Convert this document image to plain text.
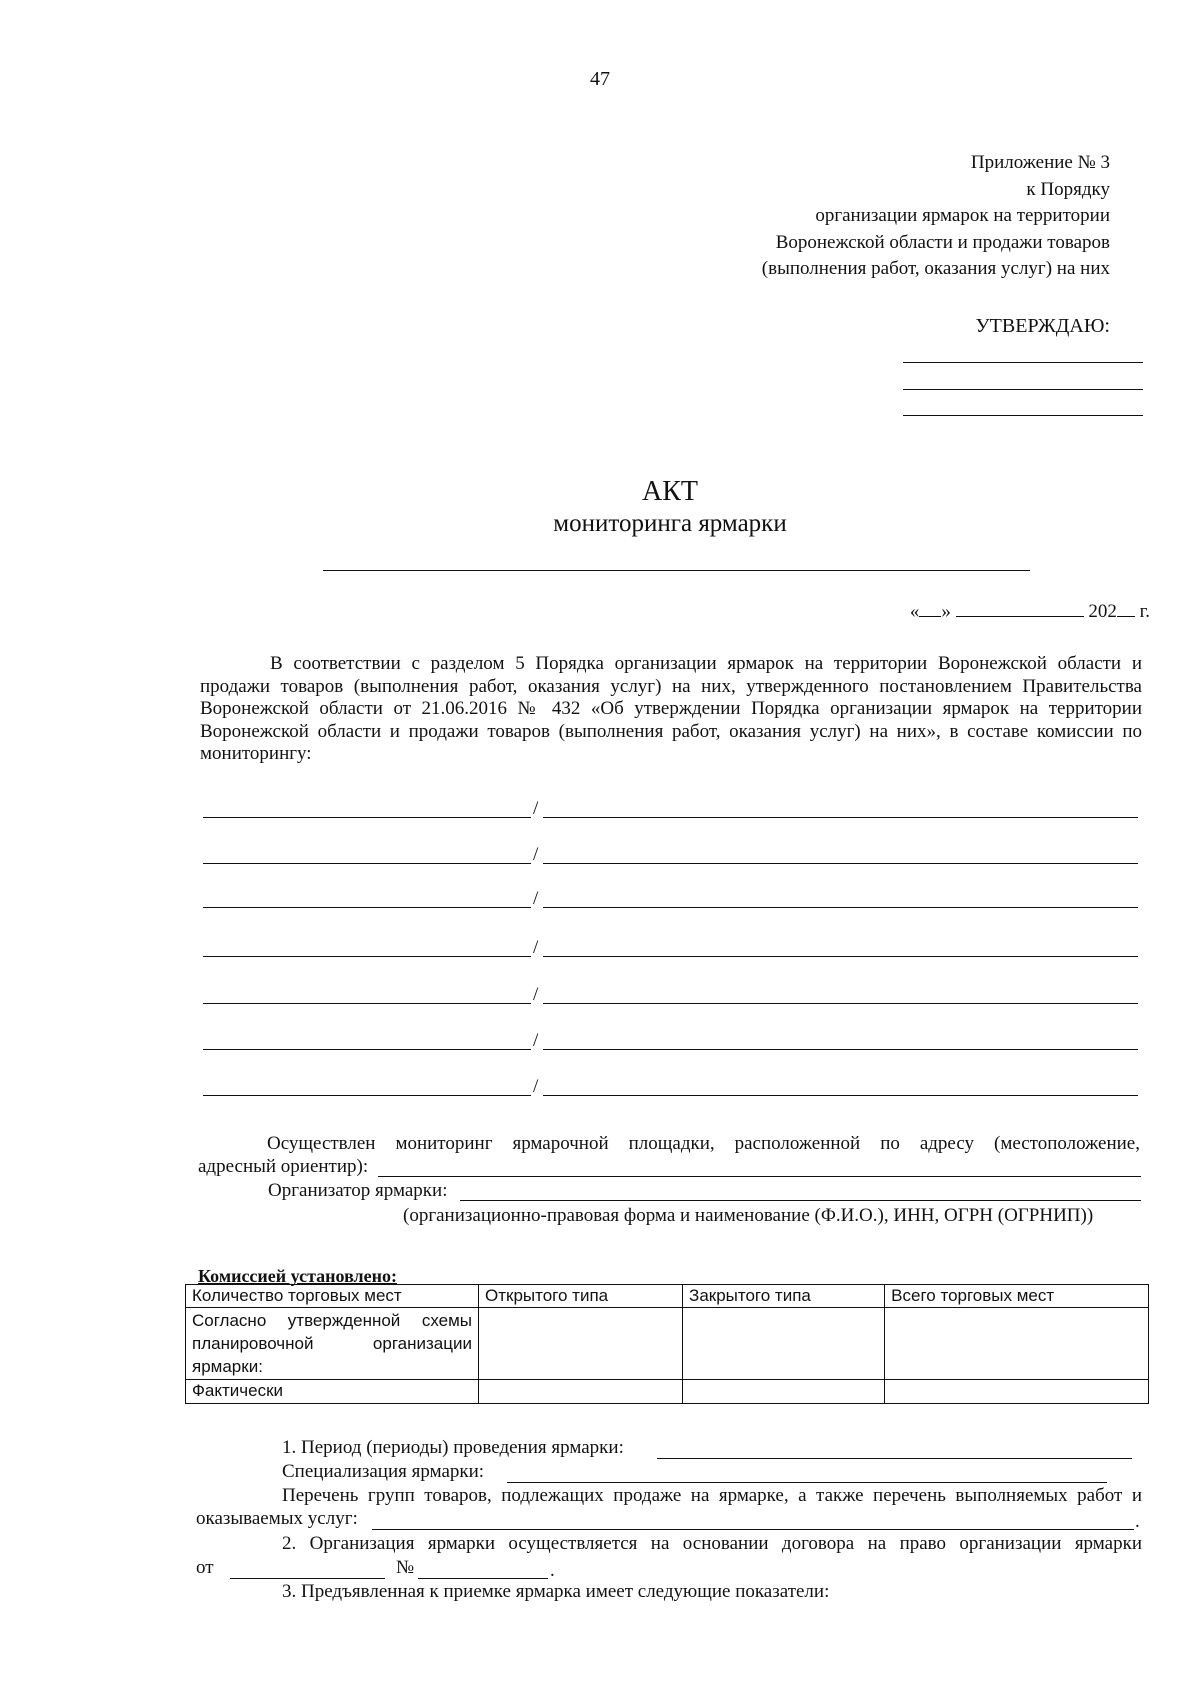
47
Приложение № 3
к Порядку
организации ярмарок на территории
Воронежской области и продажи товаров
(выполнения работ, оказания услуг) на них
УТВЕРЖДАЮ:
АКТ
мониторинга ярмарки
« »	202 г.
В соответствии с разделом 5 Порядка организации ярмарок на территории Воронежской области и продажи товаров (выполнения работ, оказания услуг) на них, утвержденного постановлением Правительства Воронежской области от 21.06.2016 № 432 «Об утверждении Порядка организации ярмарок на территории Воронежской области и продажи товаров (выполнения работ, оказания услуг) на них», в составе комиссии по мониторингу:
/
/
/
/
/
/
/
Осуществлен мониторинг ярмарочной площадки, расположенной по адресу (местоположение,
адресный ориентир):
Организатор ярмарки:
(организационно-правовая форма и наименование (Ф.И.О.), ИНН, ОГРН (ОГРНИП))
Комиссией установлено:
Количество торговых мест	Открытого типа	Закрытого типа	Всего торговых мест
Согласно утвержденной схемы планировочной организации ярмарки:			
Фактически			
1. Период (периоды) проведения ярмарки:
Специализация ярмарки:
Перечень групп товаров, подлежащих продаже на ярмарке, а также перечень выполняемых работ и
оказываемых услуг:	.
2. Организация ярмарки осуществляется на основании договора на право организации ярмарки
от	№	.
3. Предъявленная к приемке ярмарка имеет следующие показатели:
